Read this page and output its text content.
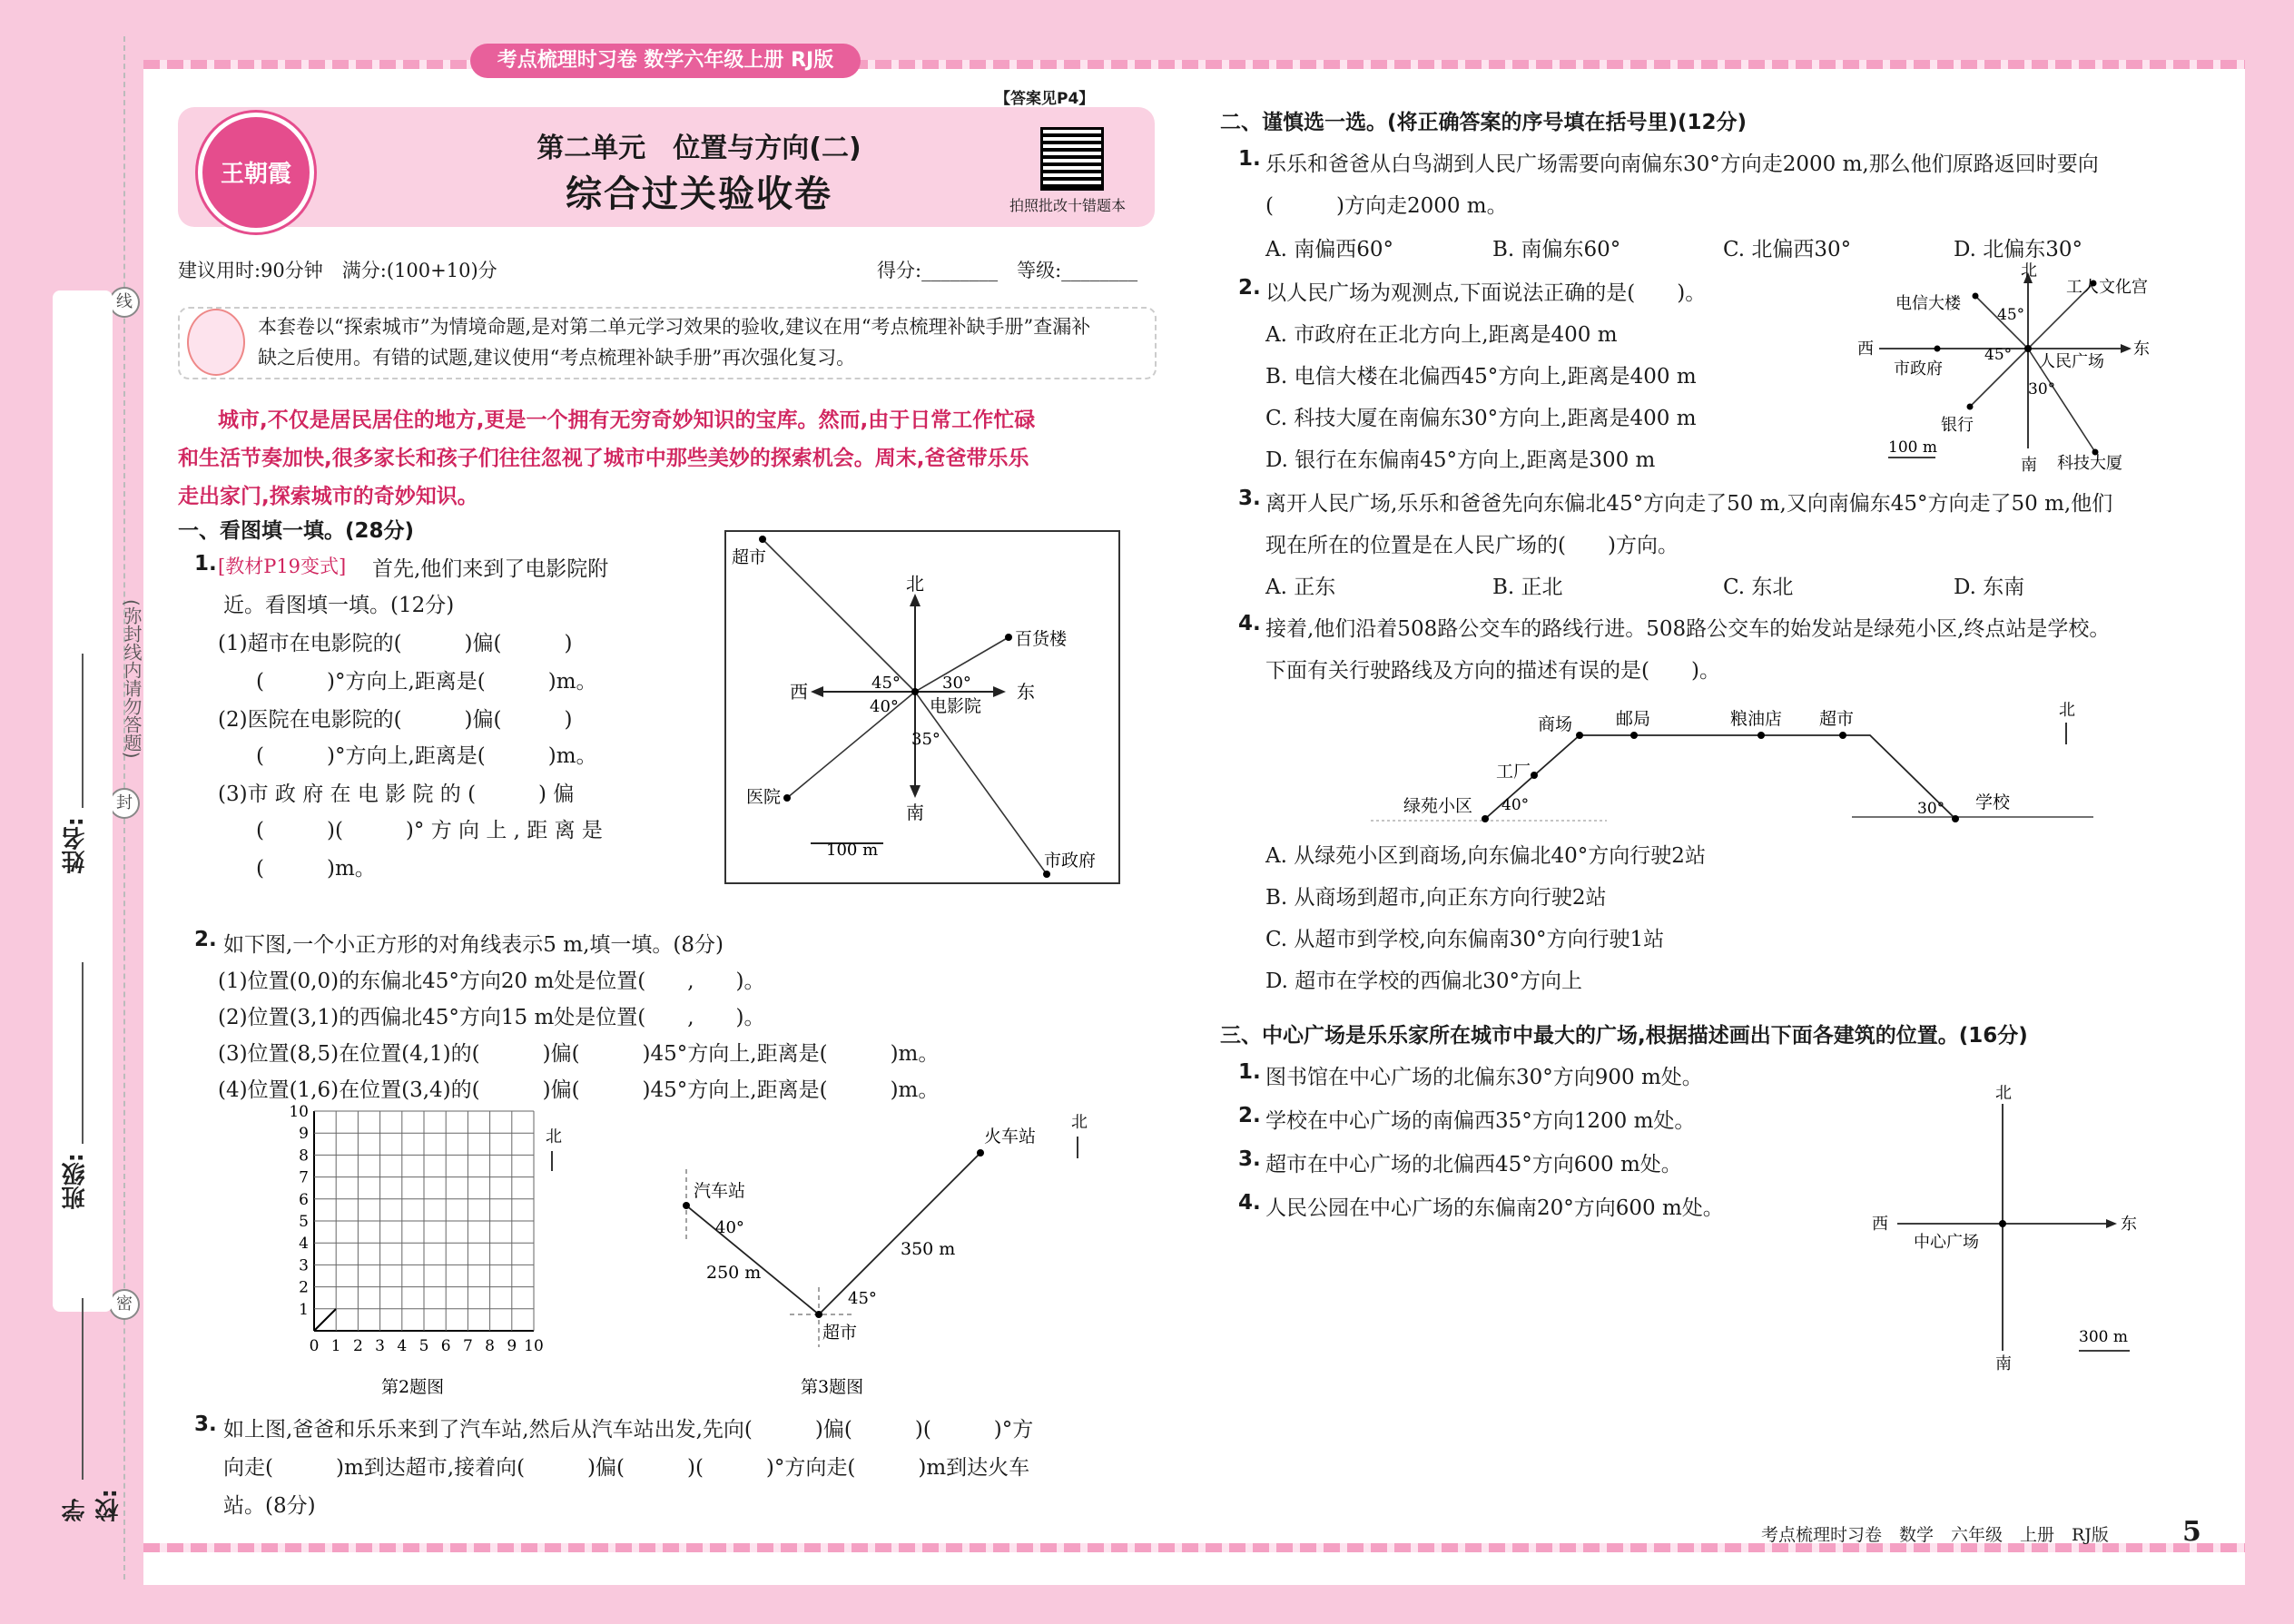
线
封
密
(弥封线内请勿答题)
姓名:
班级:
学校:
考点梳理时习卷 数学六年级上册 RJ版
王朝霞
第二单元　位置与方向(二)
综合过关验收卷
【答案见P4】
拍照批改十错题本
建议用时:90分钟　满分:(100+10)分	得分:________　等级:________
本套卷以“探索城市”为情境命题,是对第二单元学习效果的验收,建议在用“考点梳理补缺手册”查漏补
缺之后使用。有错的试题,建议使用“考点梳理补缺手册”再次强化复习。
城市,不仅是居民居住的地方,更是一个拥有无穷奇妙知识的宝库。然而,由于日常工作忙碌
和生活节奏加快,很多家长和孩子们往往忽视了城市中那些美妙的探索机会。周末,爸爸带乐乐
走出家门,探索城市的奇妙知识。
一、看图填一填。(28分)
1. [教材P19变式] 首先,他们来到了电影院附
近。看图填一填。(12分)
(1)超市在电影院的(　　　)偏(　　　)
(　　　)°方向上,距离是(　　　)m。
(2)医院在电影院的(　　　)偏(　　　)
(　　　)°方向上,距离是(　　　)m。
(3)市 政 府 在 电 影 院 的 (　　　) 偏
(　　　)(　　　)° 方 向 上 , 距 离 是
(　　　)m。
北
南
东
西
超市
百货楼
电影院
医院
市政府
45°	30°
40°
35°
100 m
2. 如下图,一个小正方形的对角线表示5 m,填一填。(8分)
(1)位置(0,0)的东偏北45°方向20 m处是位置(　　,　　)。
(2)位置(3,1)的西偏北45°方向15 m处是位置(　　,　　)。
(3)位置(8,5)在位置(4,1)的(　　　)偏(　　　)45°方向上,距离是(　　　)m。
(4)位置(1,6)在位置(3,4)的(　　　)偏(　　　)45°方向上,距离是(　　　)m。
0 1
1
2
2
3
3
4
4
5
5
6
6
7
7
8
8
9
9
10
10
第2题图
北
汽车站
火车站
超市
40°
45°
250 m
350 m
北
第3题图
3. 如上图,爸爸和乐乐来到了汽车站,然后从汽车站出发,先向(　　　)偏(　　　)(　　　)°方
向走(　　　)m到达超市,接着向(　　　)偏(　　　)(　　　)°方向走(　　　)m到达火车
站。(8分)
二、谨慎选一选。(将正确答案的序号填在括号里)(12分)
1. 乐乐和爸爸从白鸟湖到人民广场需要向南偏东30°方向走2000 m,那么他们原路返回时要向
(　　　)方向走2000 m。
A. 南偏西60°	B. 南偏东60°	C. 北偏西30°	D. 北偏东30°
2. 以人民广场为观测点,下面说法正确的是(　　)。
A. 市政府在正北方向上,距离是400 m
B. 电信大楼在北偏西45°方向上,距离是400 m
C. 科技大厦在南偏东30°方向上,距离是400 m
D. 银行在东偏南45°方向上,距离是300 m
北
南
东
西
电信大楼
工人文化宫
市政府	人民广场
银行
科技大厦
45°
45°
30°
100 m
3. 离开人民广场,乐乐和爸爸先向东偏北45°方向走了50 m,又向南偏东45°方向走了50 m,他们
现在所在的位置是在人民广场的(　　)方向。
A. 正东	B. 正北	C. 东北	D. 东南
4. 接着,他们沿着508路公交车的路线行进。508路公交车的始发站是绿苑小区,终点站是学校。
下面有关行驶路线及方向的描述有误的是(　　)。
商场	邮局	粮油店 超市
工厂
绿苑小区	学校
40°	30°
北
A. 从绿苑小区到商场,向东偏北40°方向行驶2站
B. 从商场到超市,向正东方向行驶2站
C. 从超市到学校,向东偏南30°方向行驶1站
D. 超市在学校的西偏北30°方向上
三、中心广场是乐乐家所在城市中最大的广场,根据描述画出下面各建筑的位置。(16分)
1. 图书馆在中心广场的北偏东30°方向900 m处。
2. 学校在中心广场的南偏西35°方向1200 m处。
3. 超市在中心广场的北偏西45°方向600 m处。
4. 人民公园在中心广场的东偏南20°方向600 m处。
北
南
东
西
中心广场
300 m
考点梳理时习卷　数学　六年级　上册　RJ版	5
